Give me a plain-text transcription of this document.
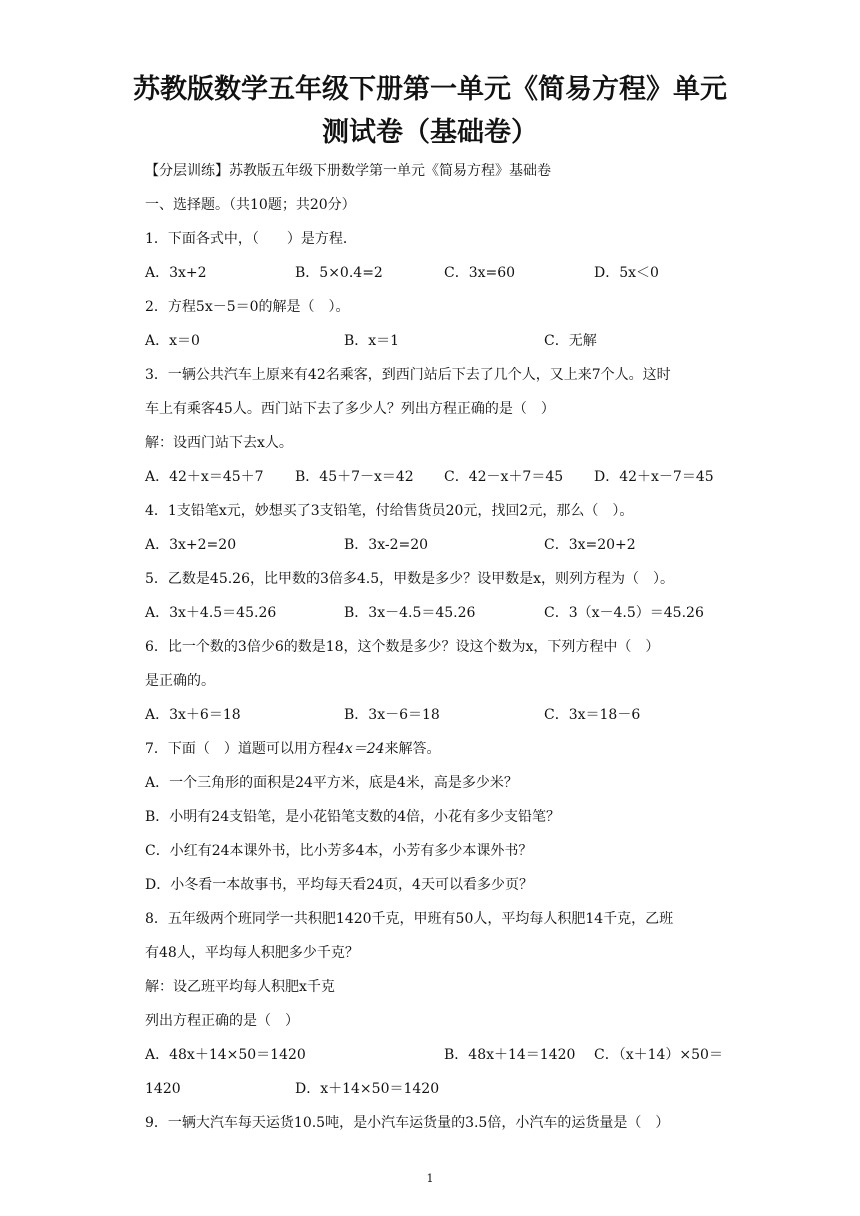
苏教版数学五年级下册第一单元《简易方程》单元
测试卷（基础卷）
【分层训练】苏教版五年级下册数学第一单元《简易方程》基础卷
一、选择题。（共10题；共20分）
1．下面各式中，（　　）是方程．
A．3x+2	B．5×0.4=2	C．3x=60	D．5x＜0
2．方程5x－5＝0的解是（　）。
A．x＝0	B．x＝1	C．无解
3．一辆公共汽车上原来有42名乘客，到西门站后下去了几个人，又上来7个人。这时
车上有乘客45人。西门站下去了多少人？列出方程正确的是（　）
解：设西门站下去x人。
A．42＋x＝45＋7 B．45＋7－x＝42 C．42－x＋7＝45 D．42＋x－7＝45
4．1支铅笔x元，妙想买了3支铅笔，付给售货员20元，找回2元，那么（　）。
A．3x+2=20	B．3x-2=20	C．3x=20+2
5．乙数是45.26，比甲数的3倍多4.5，甲数是多少？设甲数是x，则列方程为（　）。
A．3x＋4.5＝45.26	B．3x－4.5＝45.26	C．3（x－4.5）＝45.26
6．比一个数的3倍少6的数是18，这个数是多少？设这个数为x，下列方程中（　）
是正确的。
A．3x＋6＝18	B．3x－6＝18	C．3x＝18－6
7．下面（　）道题可以用方程4x＝24来解答。
A．一个三角形的面积是24平方米，底是4米，高是多少米？
B．小明有24支铅笔，是小花铅笔支数的4倍，小花有多少支铅笔？
C．小红有24本课外书，比小芳多4本，小芳有多少本课外书？
D．小冬看一本故事书，平均每天看24页，4天可以看多少页？
8．五年级两个班同学一共积肥1420千克，甲班有50人，平均每人积肥14千克，乙班
有48人，平均每人积肥多少千克？
解：设乙班平均每人积肥x千克
列出方程正确的是（　）
A．48x＋14×50＝1420	B．48x＋14＝1420 C．（x＋14）×50＝
1420	D．x＋14×50＝1420
9．一辆大汽车每天运货10.5吨，是小汽车运货量的3.5倍，小汽车的运货量是（　）
1
